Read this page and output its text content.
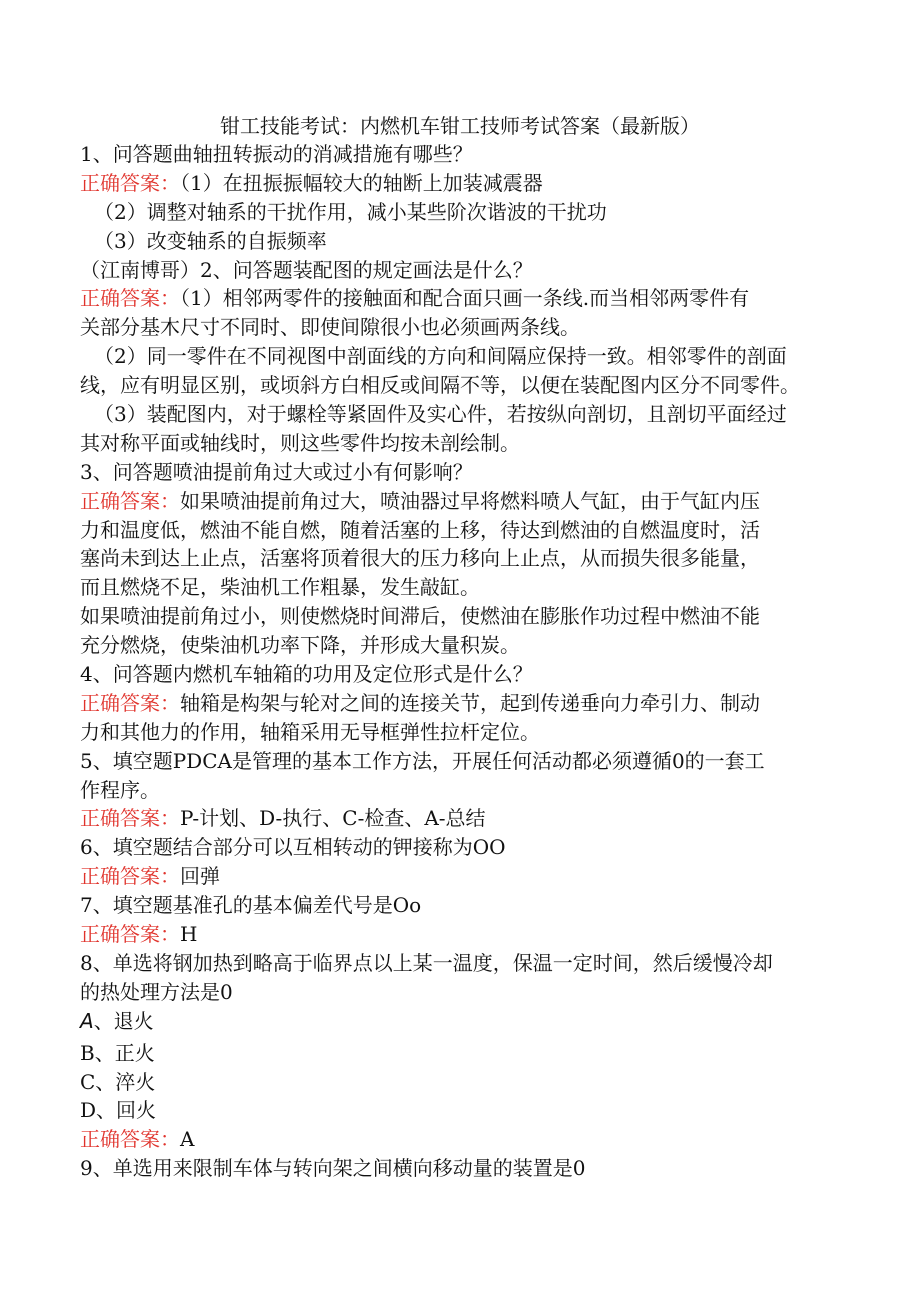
钳工技能考试：内燃机车钳工技师考试答案（最新版）
1、问答题曲轴扭转振动的消减措施有哪些？
正确答案：（1）在扭振振幅较大的轴断上加装减震器
（2）调整对轴系的干扰作用，减小某些阶次谐波的干扰功
（3）改变轴系的自振频率
（江南博哥）2、问答题装配图的规定画法是什么？
正确答案：（1）相邻两零件的接触面和配合面只画一条线.而当相邻两零件有
关部分基木尺寸不同时、即使间隙很小也必须画两条线。
（2）同一零件在不同视图中剖面线的方向和间隔应保持一致。相邻零件的剖面
线，应有明显区别，或顷斜方白相反或间隔不等，以便在装配图内区分不同零件。
（3）装配图内，对于螺栓等紧固件及实心件，若按纵向剖切，且剖切平面经过
其对称平面或轴线时，则这些零件均按未剖绘制。
3、问答题喷油提前角过大或过小有何影响？
正确答案：如果喷油提前角过大，喷油器过早将燃料喷人气缸，由于气缸内压
力和温度低，燃油不能自燃，随着活塞的上移，待达到燃油的自燃温度时，活
塞尚未到达上止点，活塞将顶着很大的压力移向上止点，从而损失很多能量，
而且燃烧不足，柴油机工作粗暴，发生敲缸。
如果喷油提前角过小，则使燃烧时间滞后，使燃油在膨胀作功过程中燃油不能
充分燃烧，使柴油机功率下降，并形成大量积炭。
4、问答题内燃机车轴箱的功用及定位形式是什么？
正确答案：轴箱是构架与轮对之间的连接关节，起到传递垂向力牵引力、制动
力和其他力的作用，轴箱采用无导框弹性拉杆定位。
5、填空题PDCA是管理的基本工作方法，开展任何活动都必须遵循0的一套工
作程序。
正确答案：P-计划、D-执行、C-检查、A-总结
6、填空题结合部分可以互相转动的钾接称为OO
正确答案：回弹
7、填空题基准孔的基本偏差代号是Oo
正确答案：H
8、单选将钢加热到略高于临界点以上某一温度，保温一定时间，然后缓慢冷却
的热处理方法是0
A、退火
B、正火
C、淬火
D、回火
正确答案：A
9、单选用来限制车体与转向架之间横向移动量的装置是0
